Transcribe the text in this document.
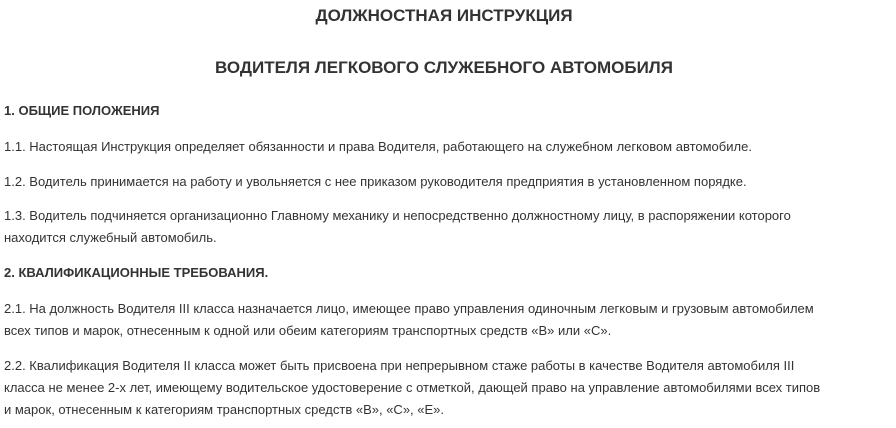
ДОЛЖНОСТНАЯ ИНСТРУКЦИЯ
ВОДИТЕЛЯ ЛЕГКОВОГО СЛУЖЕБНОГО АВТОМОБИЛЯ
1. ОБЩИЕ ПОЛОЖЕНИЯ
1.1. Настоящая Инструкция определяет обязанности и права Водителя, работающего на служебном легковом автомобиле.
1.2. Водитель принимается на работу и увольняется с нее приказом руководителя предприятия в установленном порядке.
1.3. Водитель подчиняется организационно Главному механику и непосредственно должностному лицу, в распоряжении которого
находится служебный автомобиль.
2. КВАЛИФИКАЦИОННЫЕ ТРЕБОВАНИЯ.
2.1. На должность Водителя III класса назначается лицо, имеющее право управления одиночным легковым и грузовым автомобилем
всех типов и марок, отнесенным к одной или обеим категориям транспортных средств «В» или «С».
2.2. Квалификация Водителя II класса может быть присвоена при непрерывном стаже работы в качестве Водителя автомобиля III
класса не менее 2-х лет, имеющему водительское удостоверение с отметкой, дающей право на управление автомобилями всех типов
и марок, отнесенным к категориям транспортных средств «В», «С», «Е».
